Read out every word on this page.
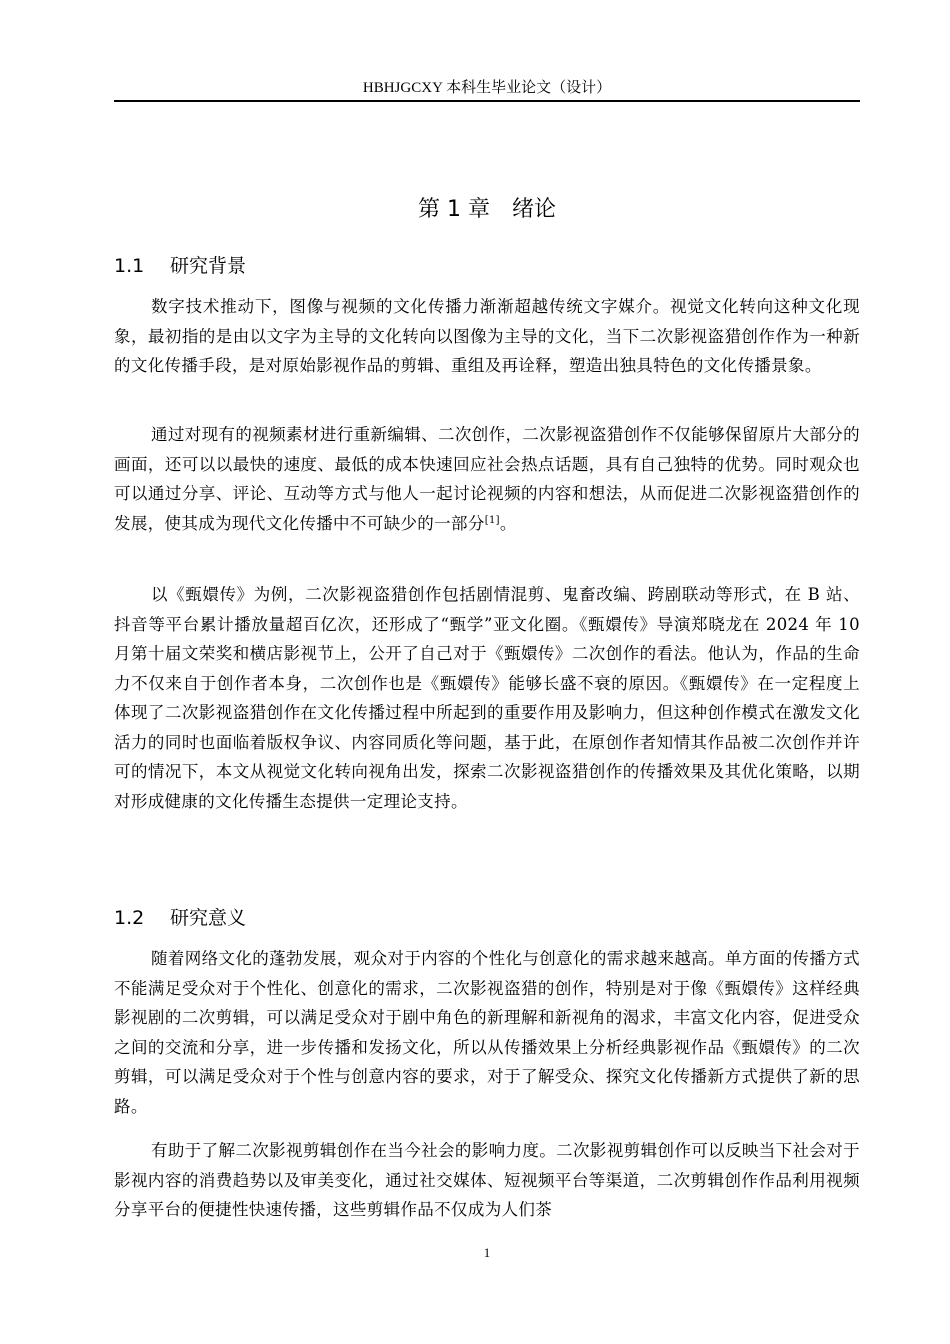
HBHJGCXY 本科生毕业论文（设计）
第 1 章　绪论
1.1 研究背景

数字技术推动下，图像与视频的文化传播力渐渐超越传统文字媒介。视觉文化转向这种文化现象，最初指的是由以文字为主导的文化转向以图像为主导的文化，当下二次影视盗猎创作作为一种新的文化传播手段，是对原始影视作品的剪辑、重组及再诠释，塑造出独具特色的文化传播景象。

通过对现有的视频素材进行重新编辑、二次创作，二次影视盗猎创作不仅能够保留原片大部分的画面，还可以以最快的速度、最低的成本快速回应社会热点话题，具有自己独特的优势。同时观众也可以通过分享、评论、互动等方式与他人一起讨论视频的内容和想法，从而促进二次影视盗猎创作的发展，使其成为现代文化传播中不可缺少的一部分[1]。

以《甄嬛传》为例，二次影视盗猎创作包括剧情混剪、鬼畜改编、跨剧联动等形式，在 B 站、抖音等平台累计播放量超百亿次，还形成了“甄学”亚文化圈。《甄嬛传》导演郑晓龙在 2024 年 10 月第十届文荣奖和横店影视节上，公开了自己对于《甄嬛传》二次创作的看法。他认为，作品的生命力不仅来自于创作者本身，二次创作也是《甄嬛传》能够长盛不衰的原因。《甄嬛传》在一定程度上体现了二次影视盗猎创作在文化传播过程中所起到的重要作用及影响力，但这种创作模式在激发文化活力的同时也面临着版权争议、内容同质化等问题，基于此，在原创作者知情其作品被二次创作并许可的情况下，本文从视觉文化转向视角出发，探索二次影视盗猎创作的传播效果及其优化策略，以期对形成健康的文化传播生态提供一定理论支持。

1.2 研究意义

随着网络文化的蓬勃发展，观众对于内容的个性化与创意化的需求越来越高。单方面的传播方式不能满足受众对于个性化、创意化的需求，二次影视盗猎的创作，特别是对于像《甄嬛传》这样经典影视剧的二次剪辑，可以满足受众对于剧中角色的新理解和新视角的渴求，丰富文化内容，促进受众之间的交流和分享，进一步传播和发扬文化，所以从传播效果上分析经典影视作品《甄嬛传》的二次剪辑，可以满足受众对于个性与创意内容的要求，对于了解受众、探究文化传播新方式提供了新的思路。

有助于了解二次影视剪辑创作在当今社会的影响力度。二次影视剪辑创作可以反映当下社会对于影视内容的消费趋势以及审美变化，通过社交媒体、短视频平台等渠道，二次剪辑创作作品利用视频分享平台的便捷性快速传播，这些剪辑作品不仅成为人们茶

1
